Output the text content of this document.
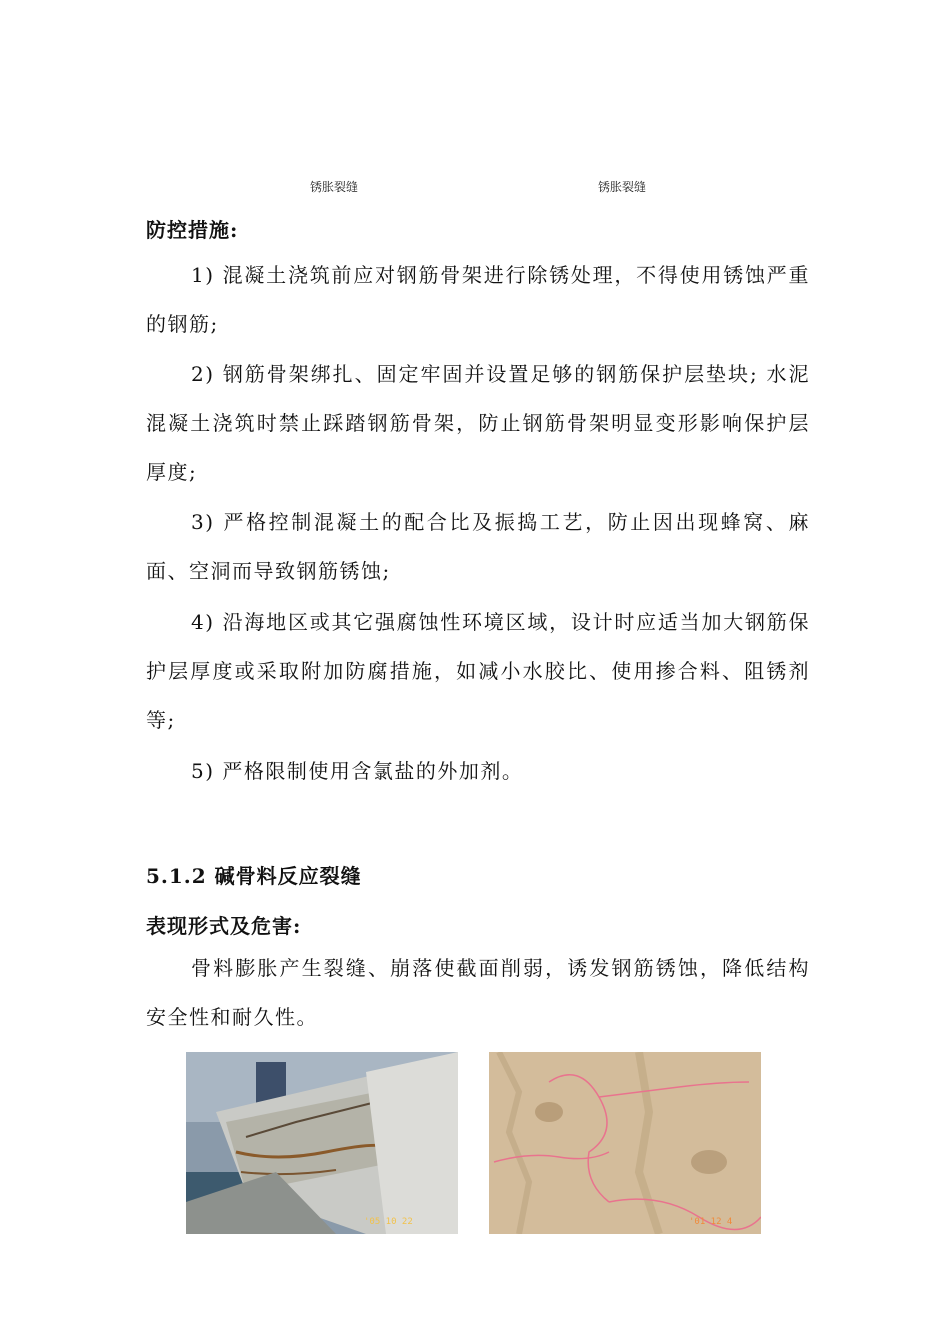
锈胀裂缝	锈胀裂缝
防控措施:
1) 混凝土浇筑前应对钢筋骨架进行除锈处理，不得使用锈蚀严重的钢筋;
2) 钢筋骨架绑扎、固定牢固并设置足够的钢筋保护层垫块; 水泥混凝土浇筑时禁止踩踏钢筋骨架，防止钢筋骨架明显变形影响保护层厚度;
3) 严格控制混凝土的配合比及振捣工艺，防止因出现蜂窝、麻面、空洞而导致钢筋锈蚀;
4) 沿海地区或其它强腐蚀性环境区域，设计时应适当加大钢筋保护层厚度或采取附加防腐措施，如减小水胶比、使用掺合料、阻锈剂等;
5) 严格限制使用含氯盐的外加剂。
5.1.2 碱骨料反应裂缝
表现形式及危害:
骨料膨胀产生裂缝、崩落使截面削弱，诱发钢筋锈蚀，降低结构安全性和耐久性。
'05 10 22	'01 12 4
